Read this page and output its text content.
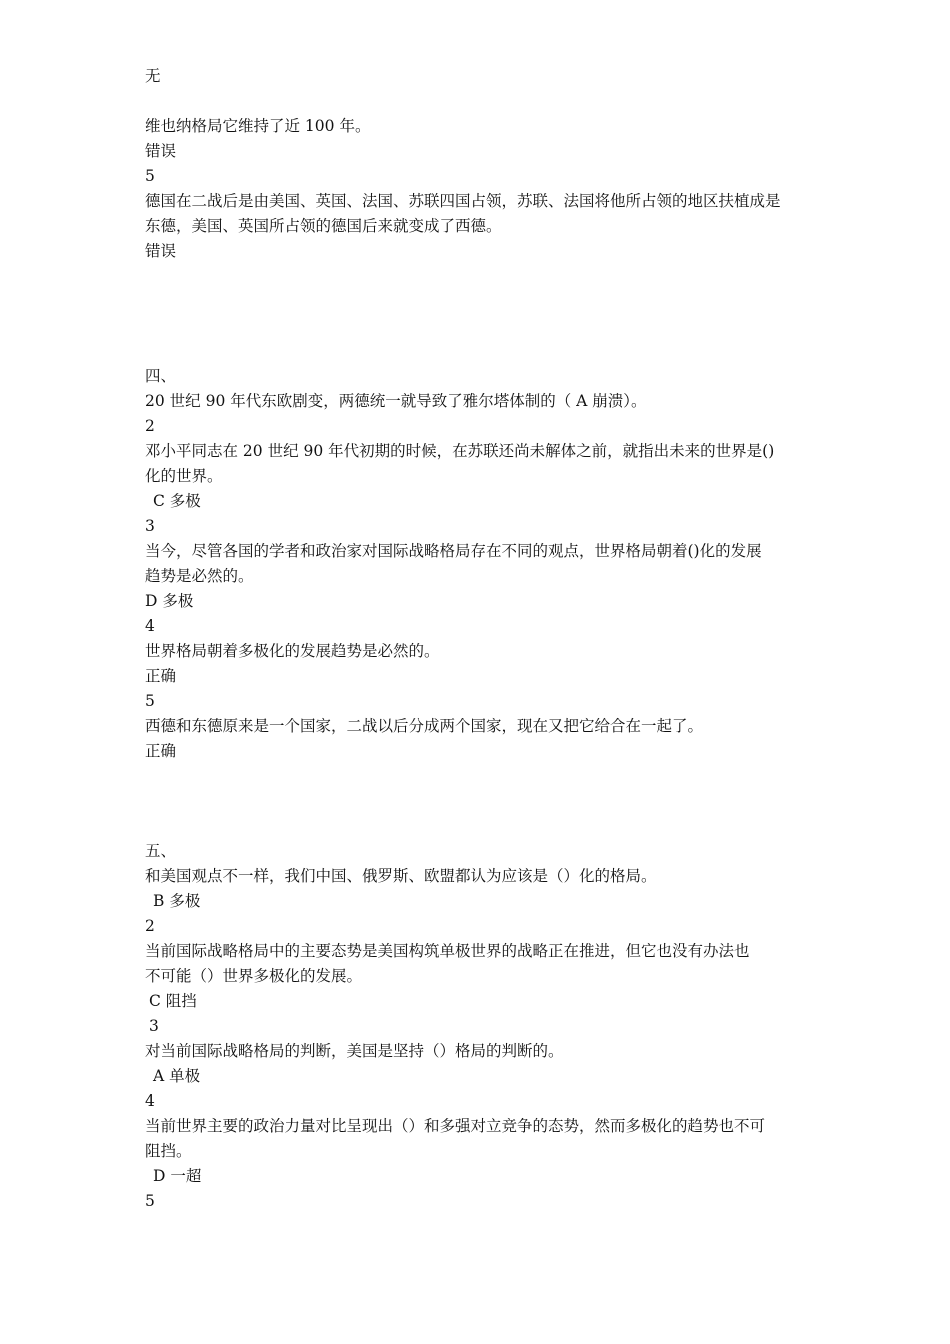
无
维也纳格局它维持了近 100 年。
错误
5
德国在二战后是由美国、英国、法国、苏联四国占领，苏联、法国将他所占领的地区扶植成是
东德，美国、英国所占领的德国后来就变成了西德。
错误
四、
20 世纪 90 年代东欧剧变，两德统一就导致了雅尔塔体制的（ A 崩溃）。
2
邓小平同志在 20 世纪 90 年代初期的时候，在苏联还尚未解体之前，就指出未来的世界是()
化的世界。
C 多极
3
当今，尽管各国的学者和政治家对国际战略格局存在不同的观点，世界格局朝着()化的发展
趋势是必然的。
D 多极
4
世界格局朝着多极化的发展趋势是必然的。
正确
5
西德和东德原来是一个国家，二战以后分成两个国家，现在又把它给合在一起了。
正确
五、
和美国观点不一样，我们中国、俄罗斯、欧盟都认为应该是（）化的格局。
B 多极
2
当前国际战略格局中的主要态势是美国构筑单极世界的战略正在推进，但它也没有办法也
不可能（）世界多极化的发展。
C 阻挡
3
对当前国际战略格局的判断，美国是坚持（）格局的判断的。
A 单极
4
当前世界主要的政治力量对比呈现出（）和多强对立竞争的态势，然而多极化的趋势也不可
阻挡。
D 一超
5
